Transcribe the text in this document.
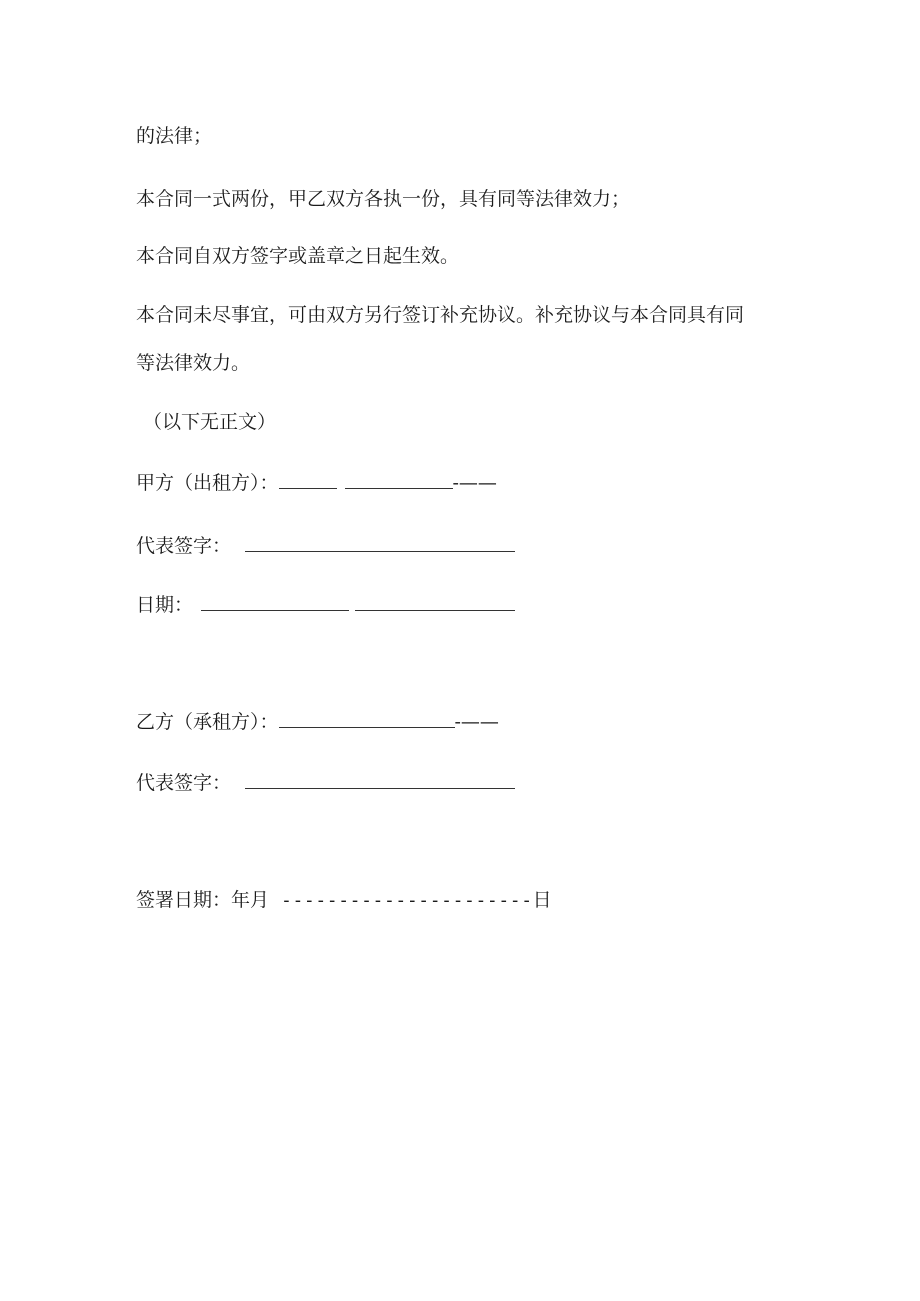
的法律；
本合同一式两份，甲乙双方各执一份，具有同等法律效力；
本合同自双方签字或盖章之日起生效。
本合同未尽事宜，可由双方另行签订补充协议。补充协议与本合同具有同
等法律效力。
（以下无正文）
甲方（出租方）：	-——
代表签字：
日期：
乙方（承租方）：	-——
代表签字：
签署日期：年月 ----------------------日
